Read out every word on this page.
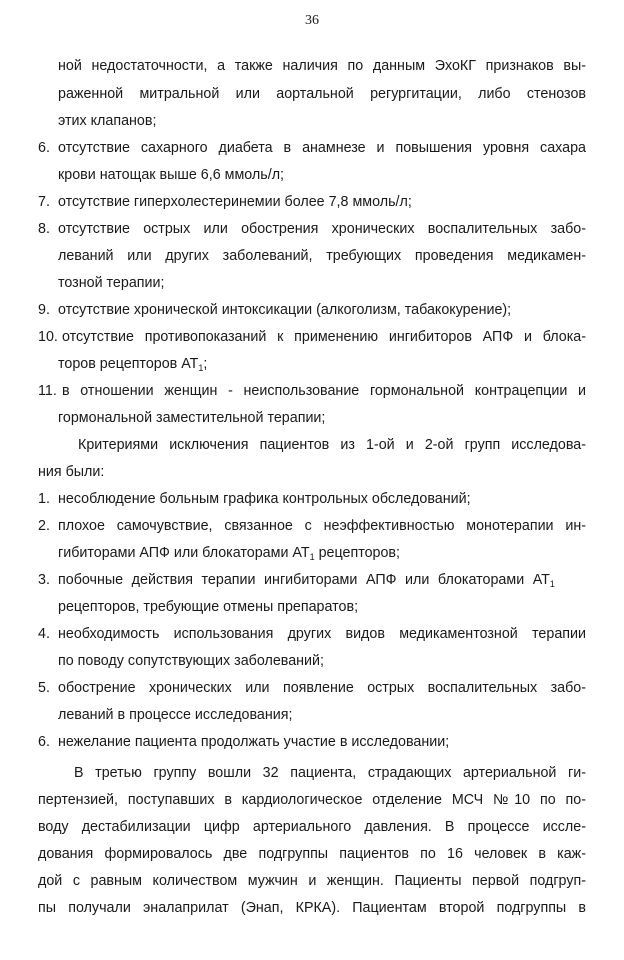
36
ной недостаточности, а также наличия по данным ЭхоКГ признаков вы-
раженной митральной или аортальной регургитации, либо стенозов
этих клапанов;
6. отсутствие сахарного диабета в анамнезе и повышения уровня сахара
крови натощак выше 6,6 ммоль/л;
7. отсутствие гиперхолестеринемии более 7,8 ммоль/л;
8. отсутствие острых или обострения хронических воспалительных забо-
леваний или других заболеваний, требующих проведения медикамен-
тозной терапии;
9. отсутствие хронической интоксикации (алкоголизм, табакокурение);
10. отсутствие противопоказаний к применению ингибиторов АПФ и блока-
торов рецепторов $АТ_1$;
11. в отношении женщин - неиспользование гормональной контрацепции и
гормональной заместительной терапии;
Критериями исключения пациентов из 1-ой и 2-ой групп исследова-
ния были:
1. несоблюдение больным графика контрольных обследований;
2. плохое самочувствие, связанное с неэффективностью монотерапии ин-
гибиторами АПФ или блокаторами $АТ_1$ рецепторов;
3. побочные действия терапии ингибиторами АПФ или блокаторами $АТ_1$
рецепторов, требующие отмены препаратов;
4. необходимость использования других видов медикаментозной терапии
по поводу сопутствующих заболеваний;
5. обострение хронических или появление острых воспалительных забо-
леваний в процессе исследования;
6. нежелание пациента продолжать участие в исследовании;
В третью группу вошли 32 пациента, страдающих артериальной ги-
пертензией, поступавших в кардиологическое отделение МСЧ №10 по по-
воду дестабилизации цифр артериального давления. В процессе иссле-
дования формировалось две подгруппы пациентов по 16 человек в каж-
дой с равным количеством мужчин и женщин. Пациенты первой подгруп-
пы получали эналаприлат (Энап, КРКА). Пациентам второй подгруппы в
